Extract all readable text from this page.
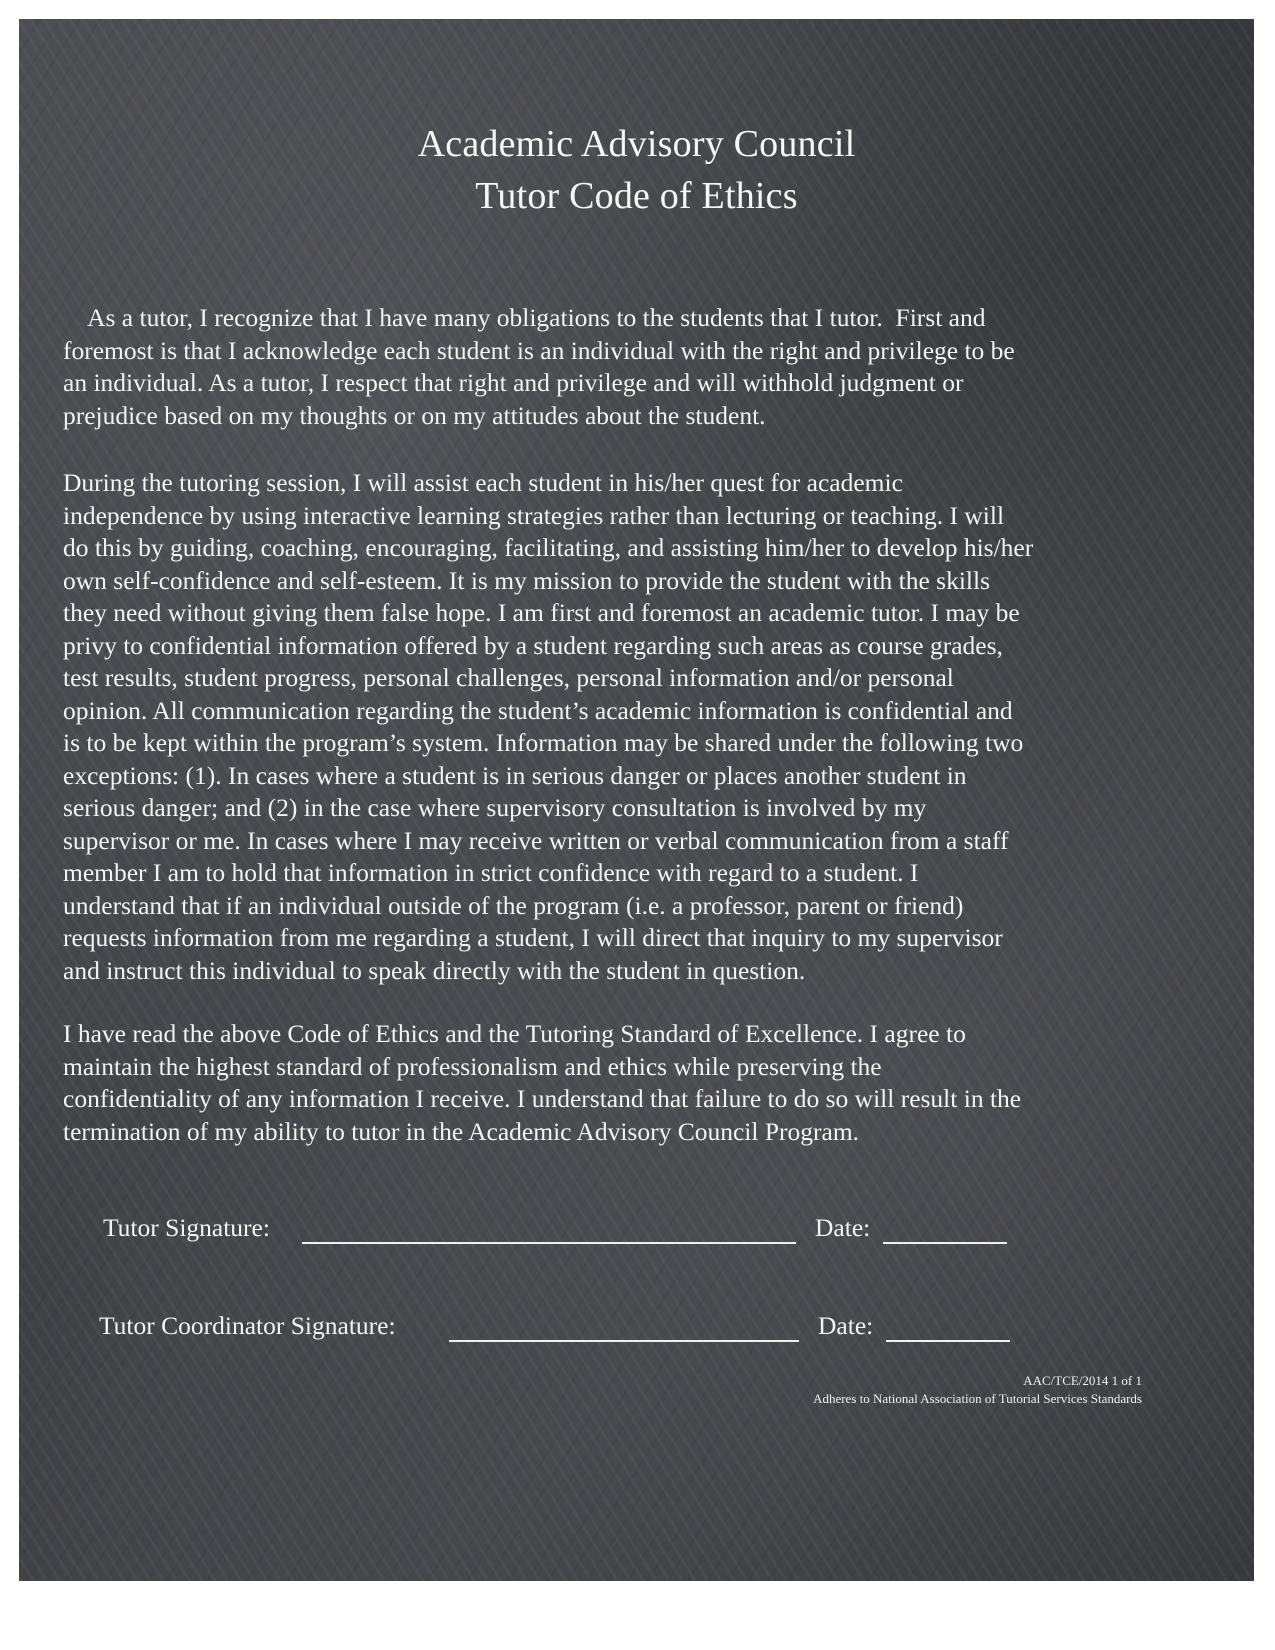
Academic Advisory Council
Tutor Code of Ethics
As a tutor, I recognize that I have many obligations to the students that I tutor.  First and
foremost is that I acknowledge each student is an individual with the right and privilege to be
an individual. As a tutor, I respect that right and privilege and will withhold judgment or
prejudice based on my thoughts or on my attitudes about the student.
During the tutoring session, I will assist each student in his/her quest for academic
independence by using interactive learning strategies rather than lecturing or teaching. I will
do this by guiding, coaching, encouraging, facilitating, and assisting him/her to develop his/her
own self-confidence and self-esteem. It is my mission to provide the student with the skills
they need without giving them false hope. I am first and foremost an academic tutor. I may be
privy to confidential information offered by a student regarding such areas as course grades,
test results, student progress, personal challenges, personal information and/or personal
opinion. All communication regarding the student’s academic information is confidential and
is to be kept within the program’s system. Information may be shared under the following two
exceptions: (1). In cases where a student is in serious danger or places another student in
serious danger; and (2) in the case where supervisory consultation is involved by my
supervisor or me. In cases where I may receive written or verbal communication from a staff
member I am to hold that information in strict confidence with regard to a student. I
understand that if an individual outside of the program (i.e. a professor, parent or friend)
requests information from me regarding a student, I will direct that inquiry to my supervisor
and instruct this individual to speak directly with the student in question.
I have read the above Code of Ethics and the Tutoring Standard of Excellence. I agree to
maintain the highest standard of professionalism and ethics while preserving the
confidentiality of any information I receive. I understand that failure to do so will result in the
termination of my ability to tutor in the Academic Advisory Council Program.
Tutor Signature:	Date:
Tutor Coordinator Signature:	Date:
AAC/TCE/2014 1 of 1
Adheres to National Association of Tutorial Services Standards
